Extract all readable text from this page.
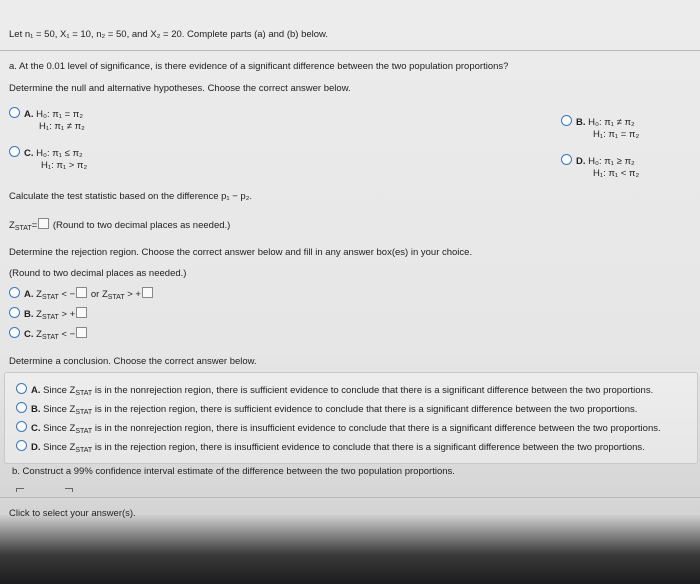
Let n₁ = 50, X₁ = 10, n₂ = 50, and X₂ = 20. Complete parts (a) and (b) below.
a. At the 0.01 level of significance, is there evidence of a significant difference between the two population proportions?
Determine the null and alternative hypotheses. Choose the correct answer below.
A. H₀: π₁ = π₂
H₁: π₁ ≠ π₂	B. H₀: π₁ ≠ π₂
H₁: π₁ = π₂
C. H₀: π₁ ≤ π₂
H₁: π₁ > π₂	D. H₀: π₁ ≥ π₂
H₁: π₁ < π₂
Calculate the test statistic based on the difference p₁ − p₂.
$Z_{STAT}=$ (Round to two decimal places as needed.)
Determine the rejection region. Choose the correct answer below and fill in any answer box(es) in your choice.
(Round to two decimal places as needed.)
A. $Z_{STAT}$ < − or $Z_{STAT}$ > +
B. $Z_{STAT}$ > +
C. $Z_{STAT}$ < −
Determine a conclusion. Choose the correct answer below.
A. Since $Z_{STAT}$ is in the nonrejection region, there is sufficient evidence to conclude that there is a significant difference between the two proportions.
B. Since $Z_{STAT}$ is in the rejection region, there is sufficient evidence to conclude that there is a significant difference between the two proportions.
C. Since $Z_{STAT}$ is in the nonrejection region, there is insufficient evidence to conclude that there is a significant difference between the two proportions.
D. Since $Z_{STAT}$ is in the rejection region, there is insufficient evidence to conclude that there is a significant difference between the two proportions.
b. Construct a 99% confidence interval estimate of the difference between the two population proportions.

Click to select your answer(s).
